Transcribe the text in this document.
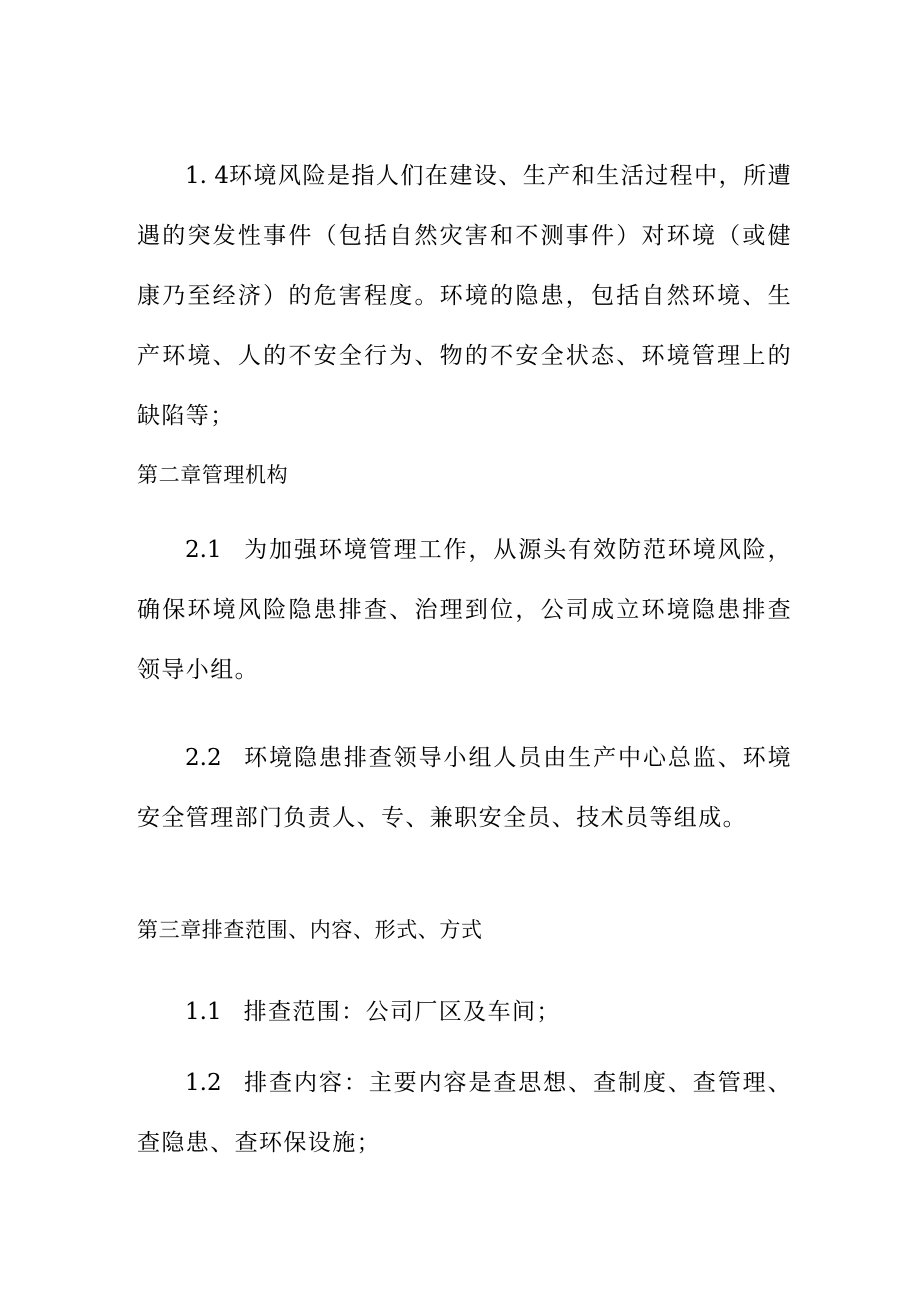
1. 4环境风险是指人们在建设、生产和生活过程中，所遭遇的突发性事件（包括自然灾害和不测事件）对环境（或健康乃至经济）的危害程度。环境的隐患，包括自然环境、生产环境、人的不安全行为、物的不安全状态、环境管理上的缺陷等；

第二章管理机构

2.1 为加强环境管理工作，从源头有效防范环境风险，确保环境风险隐患排查、治理到位，公司成立环境隐患排查领导小组。

2.2 环境隐患排查领导小组人员由生产中心总监、环境安全管理部门负责人、专、兼职安全员、技术员等组成。

第三章排查范围、内容、形式、方式

1.1 排查范围：公司厂区及车间；

1.2 排查内容：主要内容是查思想、查制度、查管理、查隐患、查环保设施；
